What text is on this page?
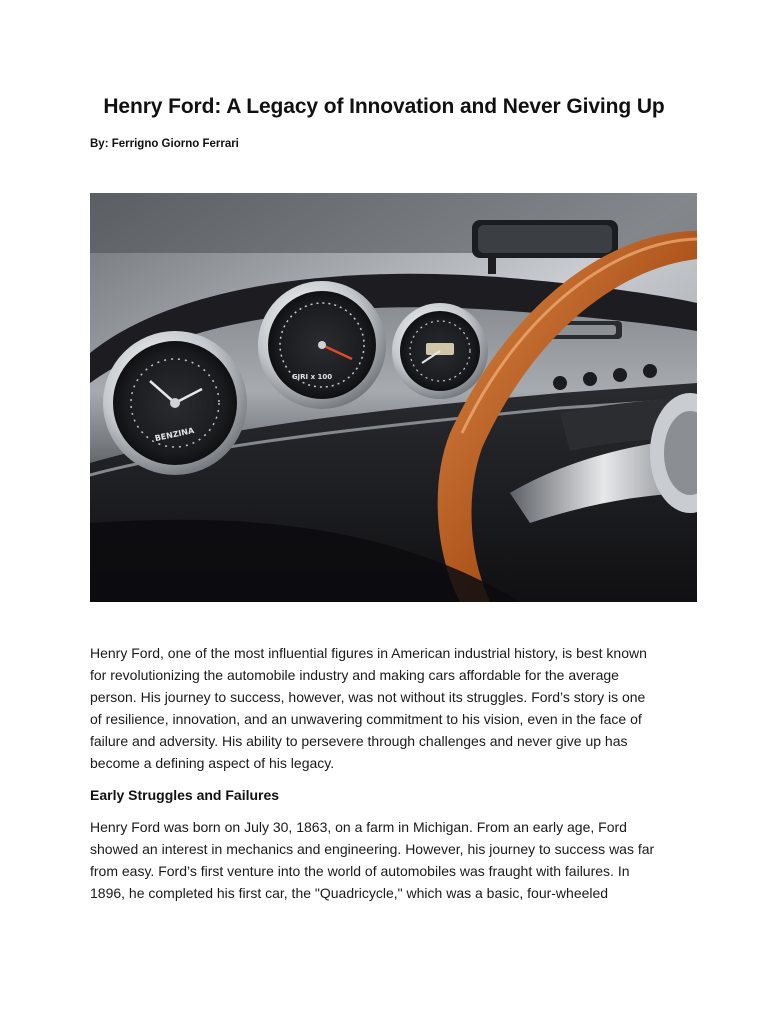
Henry Ford: A Legacy of Innovation and Never Giving Up

By: Ferrigno Giorno Ferrari

BENZINA
GIRI x 100

Henry Ford, one of the most influential figures in American industrial history, is best known
for revolutionizing the automobile industry and making cars affordable for the average
person. His journey to success, however, was not without its struggles. Ford’s story is one
of resilience, innovation, and an unwavering commitment to his vision, even in the face of
failure and adversity. His ability to persevere through challenges and never give up has
become a defining aspect of his legacy.

Early Struggles and Failures

Henry Ford was born on July 30, 1863, on a farm in Michigan. From an early age, Ford
showed an interest in mechanics and engineering. However, his journey to success was far
from easy. Ford’s first venture into the world of automobiles was fraught with failures. In
1896, he completed his first car, the "Quadricycle," which was a basic, four-wheeled
